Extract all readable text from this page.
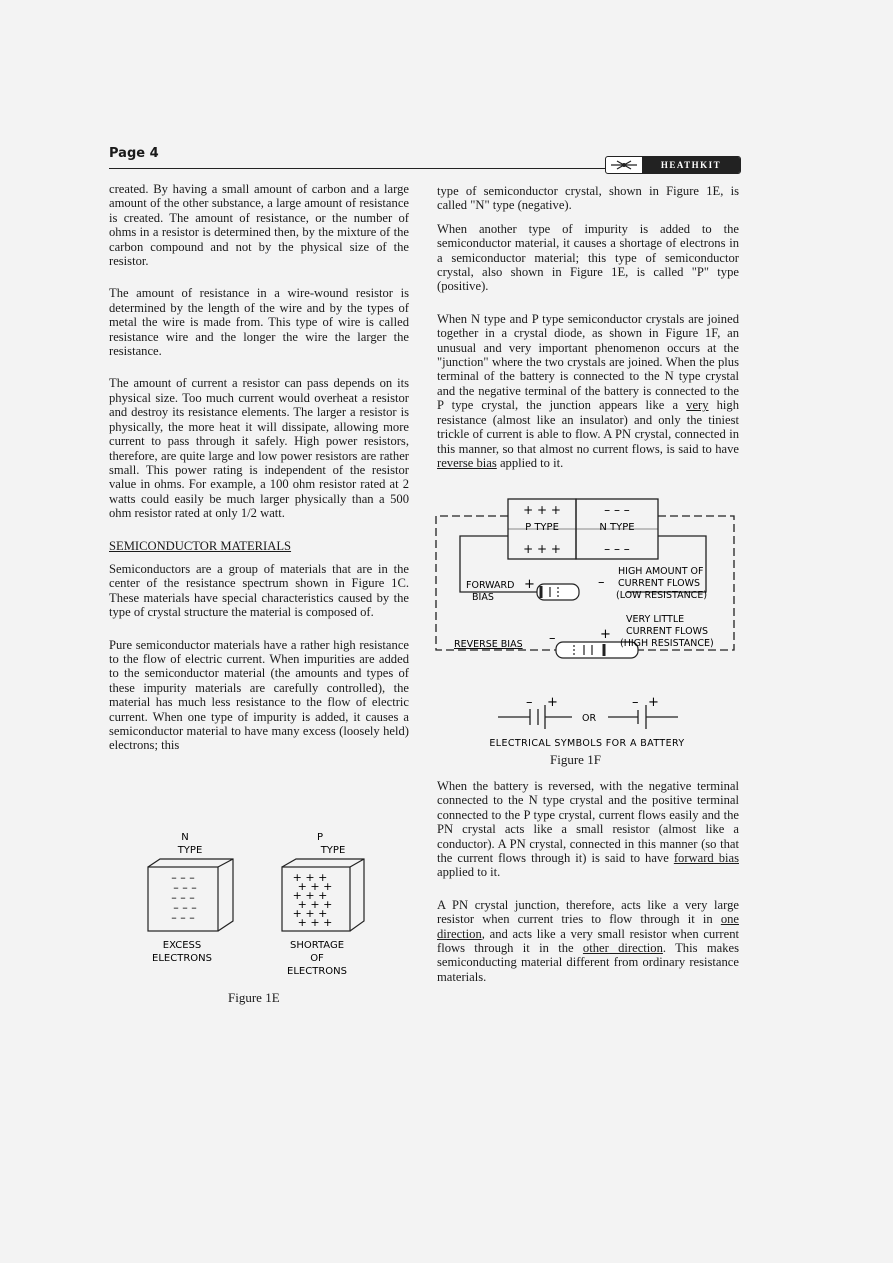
Page 4
HEATHKIT

created. By having a small amount of carbon and a large amount of the other substance, a large amount of resistance is created. The amount of resistance, or the number of ohms in a resistor is determined then, by the mixture of the carbon compound and not by the physical size of the resistor.

The amount of resistance in a wire-wound resistor is determined by the length of the wire and by the types of metal the wire is made from. This type of wire is called resistance wire and the longer the wire the larger the resistance.

The amount of current a resistor can pass depends on its physical size. Too much current would overheat a resistor and destroy its resistance elements. The larger a resistor is physically, the more heat it will dissipate, allowing more current to pass through it safely. High power resistors, therefore, are quite large and low power resistors are rather small. This power rating is independent of the resistor value in ohms. For example, a 100 ohm resistor rated at 2 watts could easily be much larger physically than a 500 ohm resistor rated at only 1/2 watt.

SEMICONDUCTOR MATERIALS

Semiconductors are a group of materials that are in the center of the resistance spectrum shown in Figure 1C. These materials have special characteristics caused by the type of crystal structure the material is composed of.

Pure semiconductor materials have a rather high resistance to the flow of electric current. When impurities are added to the semiconductor material (the amounts and types of these impurity materials are carefully controlled), the material has much less resistance to the flow of electric current. When one type of impurity is added, it causes a semiconductor material to have many excess (loosely held) electrons; this

N
TYPE
P
TYPE
– – –
– – –
– – –
– – –
– – –
+ + +
+ + +
+ + +
+ + +
+ + +
+ + +
EXCESS
ELECTRONS
SHORTAGE
OF
ELECTRONS
Figure 1E

type of semiconductor crystal, shown in Figure 1E, is called "N" type (negative).

When another type of impurity is added to the semiconductor material, it causes a shortage of electrons in a semiconductor material; this type of semiconductor crystal, also shown in Figure 1E, is called "P" type (positive).

When N type and P type semiconductor crystals are joined together in a crystal diode, as shown in Figure 1F, an unusual and very important phenomenon occurs at the "junction" where the two crystals are joined. When the plus terminal of the battery is connected to the N type crystal and the negative terminal of the battery is connected to the P type crystal, the junction appears like a very high resistance (almost like an insulator) and only the tiniest trickle of current is able to flow. A PN crystal, connected in this manner, so that almost no current flows, is said to have reverse bias applied to it.

+ + +
P TYPE
+ + +
– – –
N TYPE
– – –
HIGH AMOUNT OF
CURRENT FLOWS
(LOW RESISTANCE)
FORWARD
BIAS
+	–
VERY LITTLE
CURRENT FLOWS
(HIGH RESISTANCE)
–	+
REVERSE BIAS
– +
OR
– +
ELECTRICAL SYMBOLS FOR A BATTERY
Figure 1F

When the battery is reversed, with the negative terminal connected to the N type crystal and the positive terminal connected to the P type crystal, current flows easily and the PN crystal acts like a small resistor (almost like a conductor). A PN crystal, connected in this manner (so that the current flows through it) is said to have forward bias applied to it.

A PN crystal junction, therefore, acts like a very large resistor when current tries to flow through it in one direction, and acts like a very small resistor when current flows through it in the other direction. This makes semiconducting material different from ordinary resistance materials.
